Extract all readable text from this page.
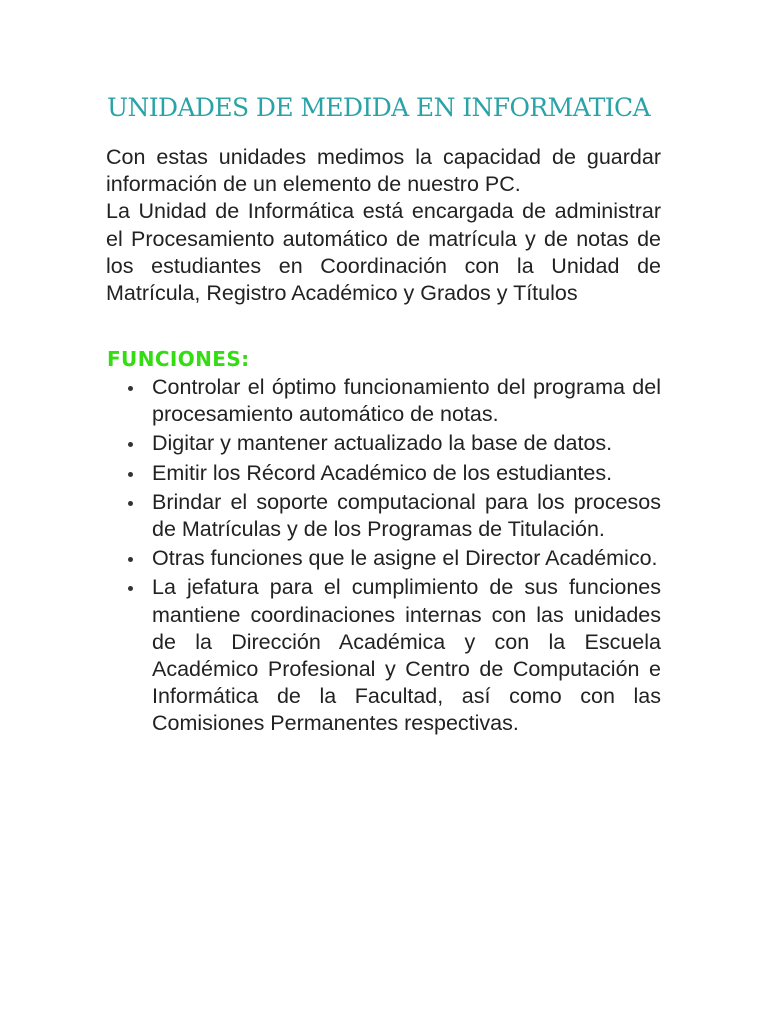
UNIDADES DE MEDIDA EN INFORMATICA
Con estas unidades medimos la capacidad de guardar información de un elemento de nuestro PC.
La Unidad de Informática está encargada de administrar el Procesamiento automático de matrícula y de notas de los estudiantes en Coordinación con la Unidad de Matrícula, Registro Académico y Grados y Títulos
FUNCIONES:
Controlar el óptimo funcionamiento del programa del procesamiento automático de notas.
Digitar y mantener actualizado la base de datos.
Emitir los Récord Académico de los estudiantes.
Brindar el soporte computacional para los procesos de Matrículas y de los Programas de Titulación.
Otras funciones que le asigne el Director Académico.
La jefatura para el cumplimiento de sus funciones mantiene coordinaciones internas con las unidades de la Dirección Académica y con la Escuela Académico Profesional y Centro de Computación e Informática de la Facultad, así como con las Comisiones Permanentes respectivas.
